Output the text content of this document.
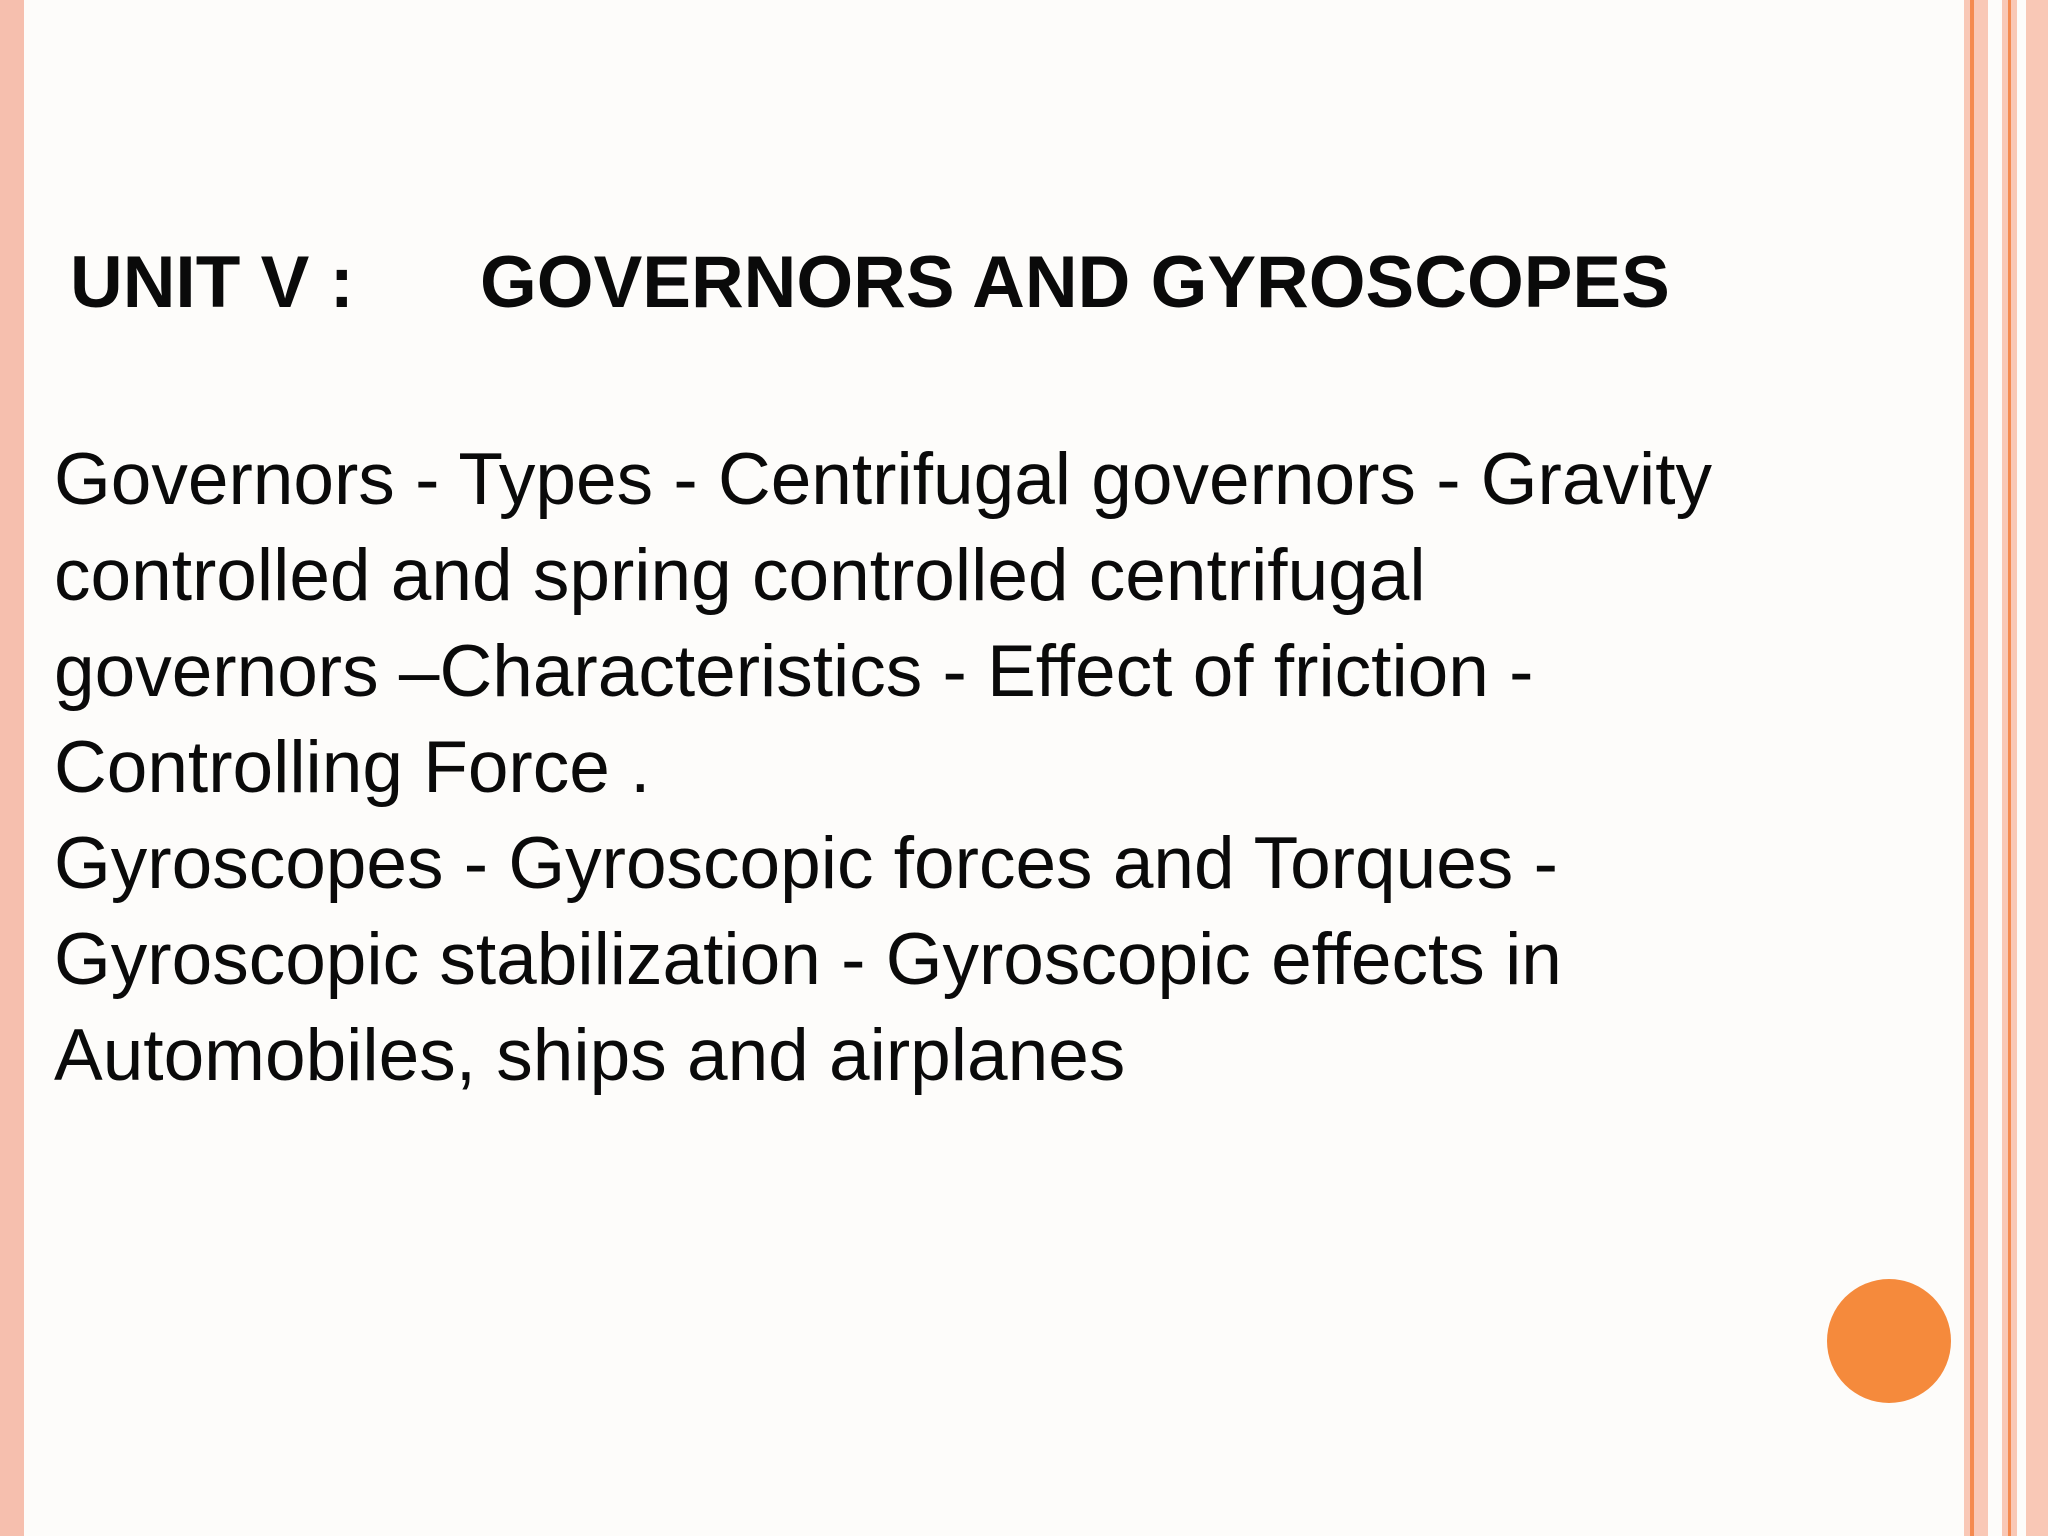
UNIT V : GOVERNORS AND GYROSCOPES

Governors - Types - Centrifugal governors - Gravity
controlled and spring controlled centrifugal
governors –Characteristics - Effect of friction -
Controlling Force .

Gyroscopes - Gyroscopic forces and Torques -
Gyroscopic stabilization - Gyroscopic effects in
Automobiles, ships and airplanes
